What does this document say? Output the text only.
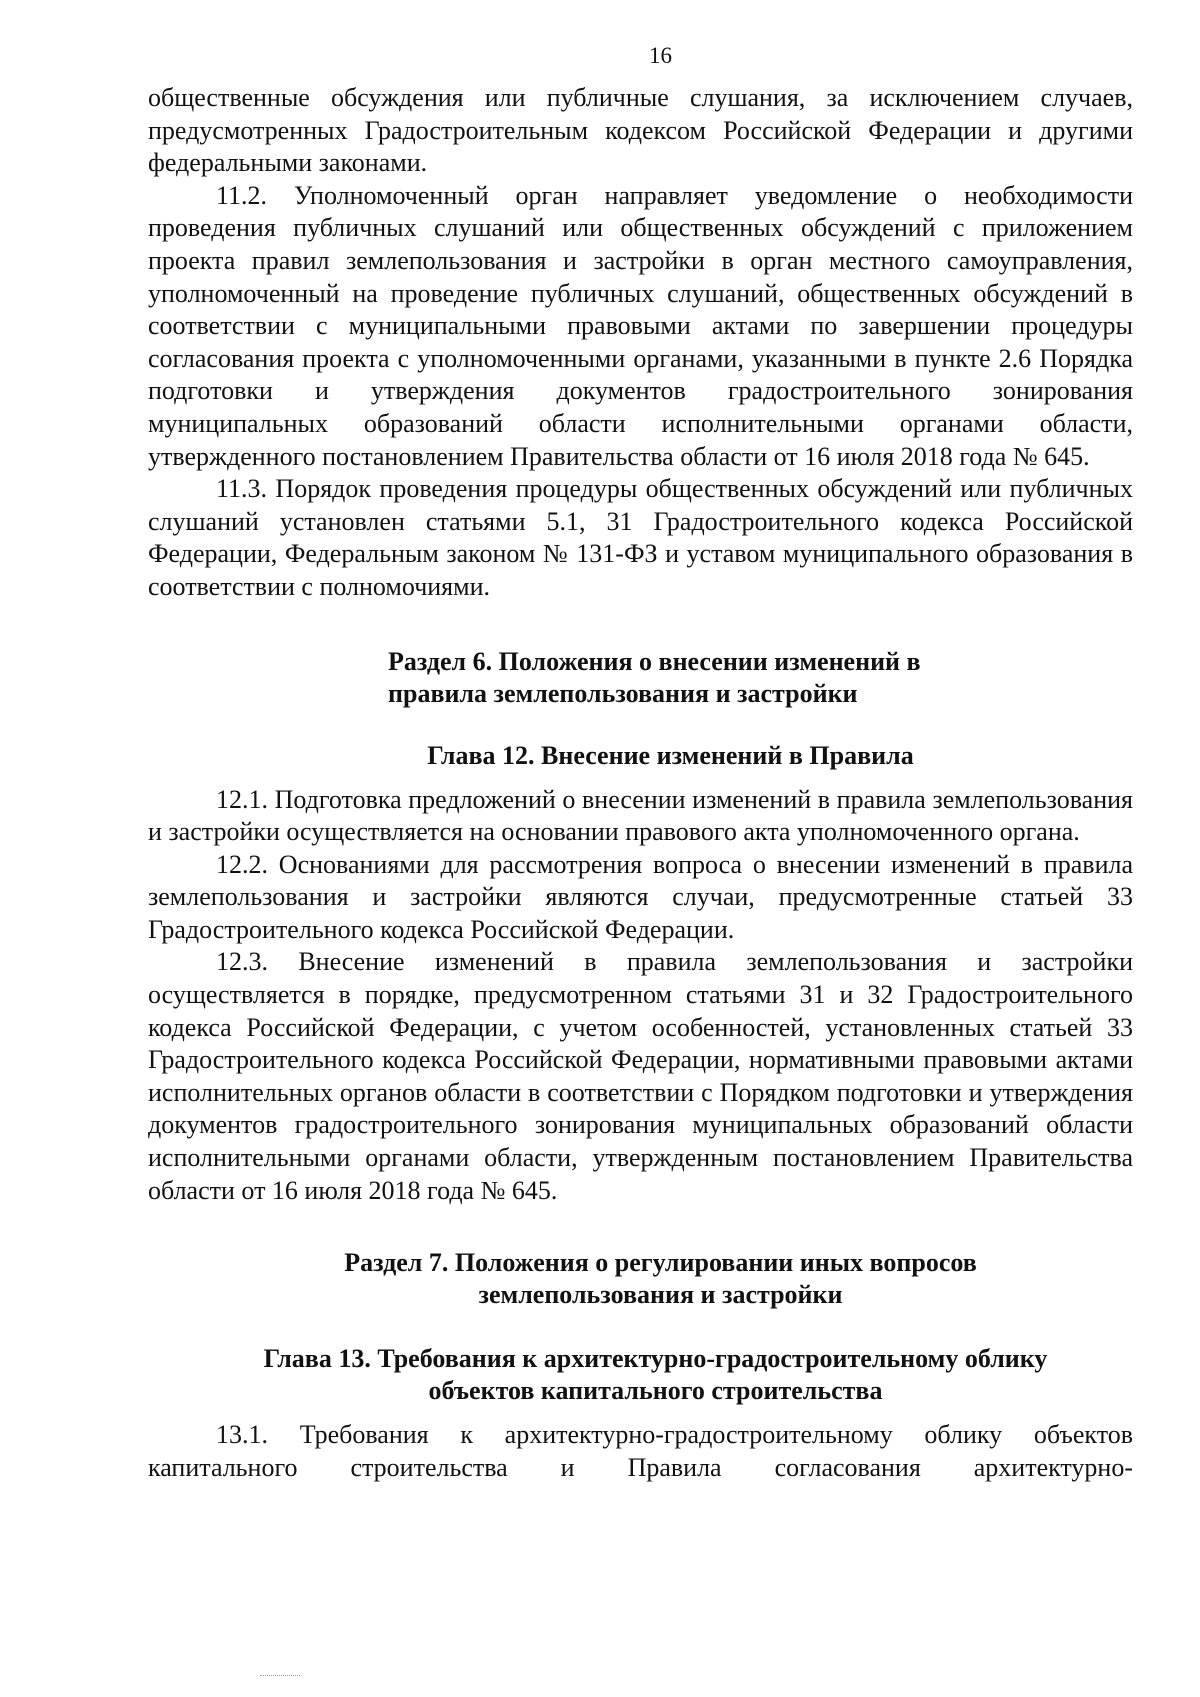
16

общественные обсуждения или публичные слушания, за исключением случаев, предусмотренных Градостроительным кодексом Российской Федерации и другими федеральными законами.

11.2. Уполномоченный орган направляет уведомление о необходимости проведения публичных слушаний или общественных обсуждений с приложением проекта правил землепользования и застройки в орган местного самоуправления, уполномоченный на проведение публичных слушаний, общественных обсуждений в соответствии с муниципальными правовыми актами по завершении процедуры согласования проекта с уполномоченными органами, указанными в пункте 2.6 Порядка подготовки и утверждения документов градостроительного зонирования муниципальных образований области исполнительными органами области, утвержденного постановлением Правительства области от 16 июля 2018 года № 645.

11.3. Порядок проведения процедуры общественных обсуждений или публичных слушаний установлен статьями 5.1, 31 Градостроительного кодекса Российской Федерации, Федеральным законом № 131-ФЗ и уставом муниципального образования в соответствии с полномочиями.

Раздел 6. Положения о внесении изменений в
правила землепользования и застройки
Глава 12. Внесение изменений в Правила

12.1. Подготовка предложений о внесении изменений в правила землепользования и застройки осуществляется на основании правового акта уполномоченного органа.

12.2. Основаниями для рассмотрения вопроса о внесении изменений в правила землепользования и застройки являются случаи, предусмотренные статьей 33 Градостроительного кодекса Российской Федерации.

12.3. Внесение изменений в правила землепользования и застройки осуществляется в порядке, предусмотренном статьями 31 и 32 Градостроительного кодекса Российской Федерации, с учетом особенностей, установленных статьей 33 Градостроительного кодекса Российской Федерации, нормативными правовыми актами исполнительных органов области в соответствии с Порядком подготовки и утверждения документов градостроительного зонирования муниципальных образований области исполнительными органами области, утвержденным постановлением Правительства области от 16 июля 2018 года № 645.

Раздел 7. Положения о регулировании иных вопросов
землепользования и застройки
Глава 13. Требования к архитектурно-градостроительному облику
объектов капитального строительства

13.1. Требования к архитектурно-градостроительному облику объектов капитального строительства и Правила согласования архитектурно-
